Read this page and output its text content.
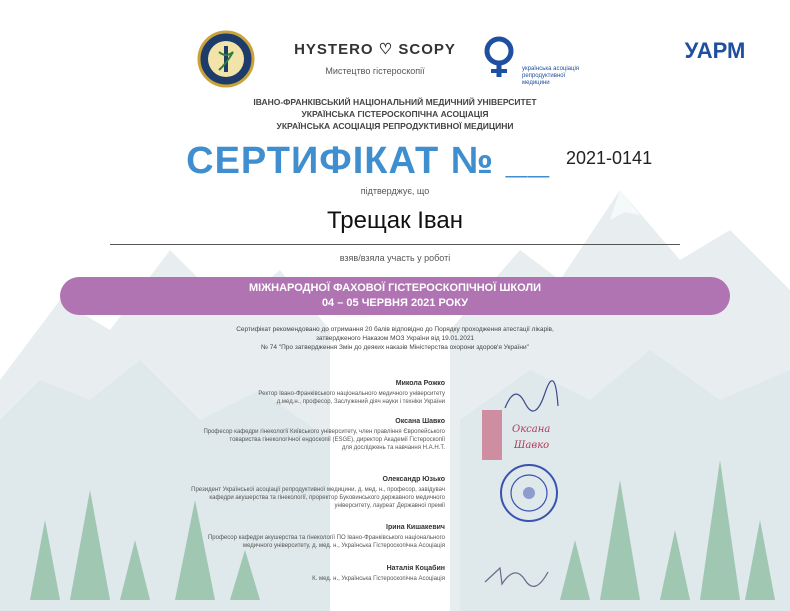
HYSTERO ♡ SCOPY
Мистецтво гістероскопії
УАРМ
українська асоціація репродуктивної медицини
ІВАНО-ФРАНКІВСЬКИЙ НАЦІОНАЛЬНИЙ МЕДИЧНИЙ УНІВЕРСИТЕТ
УКРАЇНСЬКА ГІСТЕРОСКОПІЧНА АСОЦІАЦІЯ
УКРАЇНСЬКА АСОЦІАЦІЯ РЕПРОДУКТИВНОЇ МЕДИЦИНИ
СЕРТИФІКАТ № __ 2021-0141
підтверджує, що
Трещак Іван
взяв/взяла участь у роботі
МІЖНАРОДНОЇ ФАХОВОЇ ГІСТЕРОСКОПІЧНОЇ ШКОЛИ
04 – 05 ЧЕРВНЯ 2021 РОКУ
Сертифікат рекомендовано до отримання 20 балів відповідно до Порядку проходження атестації лікарів,
затвердженого Наказом МОЗ України від 19.01.2021
№ 74 "Про затвердження Змін до деяких наказів Міністерства охорони здоров'я України"
Микола Рожко
Ректор Івано-Франківського національного медичного університету
д.мед.н., професор, Заслужений діяч науки і техніки України
Оксана Шавко
Професор кафедри гінекології Київського університету, член правління Європейського
товариства гінекологічної ендоскопії (ESGE), директор Академії Гістероскопії
для досліджень та навчання Н.А.Н.Т.
Олександр Юзько
Президент Української асоціації репродуктивної медицини, д. мед. н., професор, завідувач
кафедри акушерства та гінекології, проректор Буковинського державного медичного
університету, лауреат Державної премії
Ірина Кишакевич
Професор кафедри акушерства та гінекології ПО Івано-Франківського національного
медичного університету, д. мед. н., Українська Гістероскопічна Асоціація
Наталія Коцабин
К. мед. н., Українська Гістероскопічна Асоціація
Оксана
Шавко
